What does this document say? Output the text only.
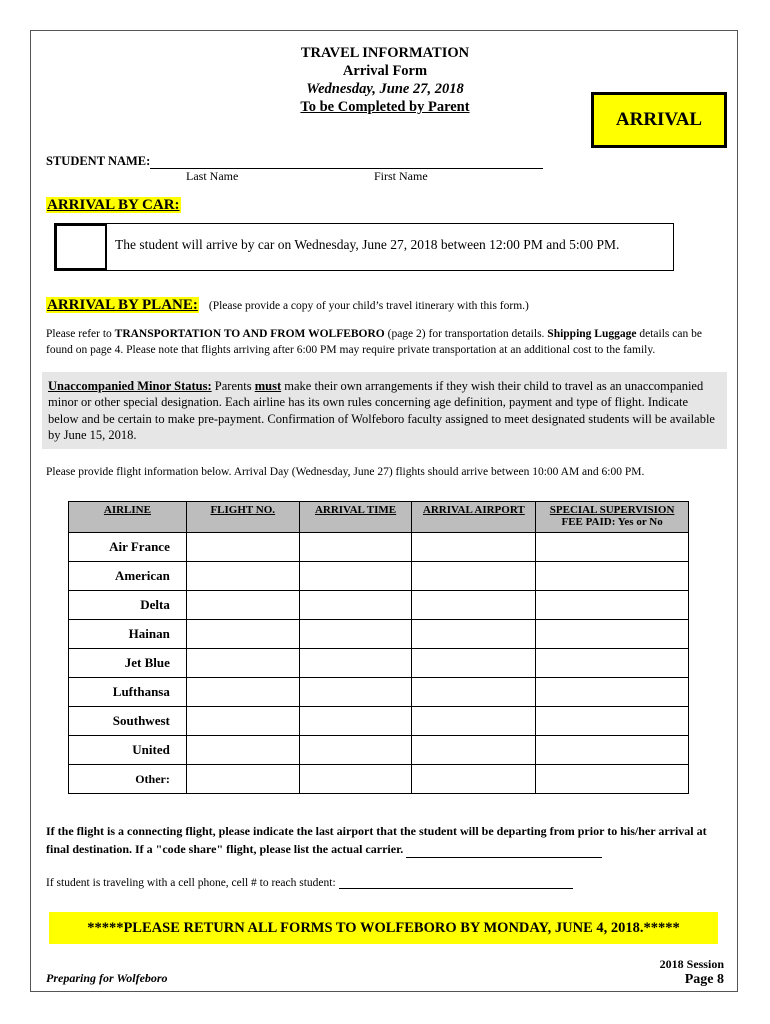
TRAVEL INFORMATION
Arrival Form
Wednesday, June 27, 2018
To be Completed by Parent
ARRIVAL
STUDENT NAME:
Last Name	First Name
ARRIVAL BY CAR:
The student will arrive by car on Wednesday, June 27, 2018 between 12:00 PM and 5:00 PM.
ARRIVAL BY PLANE: (Please provide a copy of your child’s travel itinerary with this form.)
Please refer to TRANSPORTATION TO AND FROM WOLFEBORO (page 2) for transportation details. Shipping Luggage details can be found on page 4. Please note that flights arriving after 6:00 PM may require private transportation at an additional cost to the family.
Unaccompanied Minor Status: Parents must make their own arrangements if they wish their child to travel as an unaccompanied minor or other special designation. Each airline has its own rules concerning age definition, payment and type of flight. Indicate below and be certain to make pre-payment. Confirmation of Wolfeboro faculty assigned to meet designated students will be available by June 15, 2018.
Please provide flight information below. Arrival Day (Wednesday, June 27) flights should arrive between 10:00 AM and 6:00 PM.
AIRLINE	FLIGHT NO.	ARRIVAL TIME	ARRIVAL AIRPORT	SPECIAL SUPERVISION
FEE PAID: Yes or No
Air France				
American				
Delta				
Hainan				
Jet Blue				
Lufthansa				
Southwest				
United				
Other:				
If the flight is a connecting flight, please indicate the last airport that the student will be departing from prior to his/her arrival at final destination. If a "code share" flight, please list the actual carrier.
If student is traveling with a cell phone, cell # to reach student:
*****PLEASE RETURN ALL FORMS TO WOLFEBORO BY MONDAY, JUNE 4, 2018.*****
Preparing for Wolfeboro
2018 Session
Page 8
